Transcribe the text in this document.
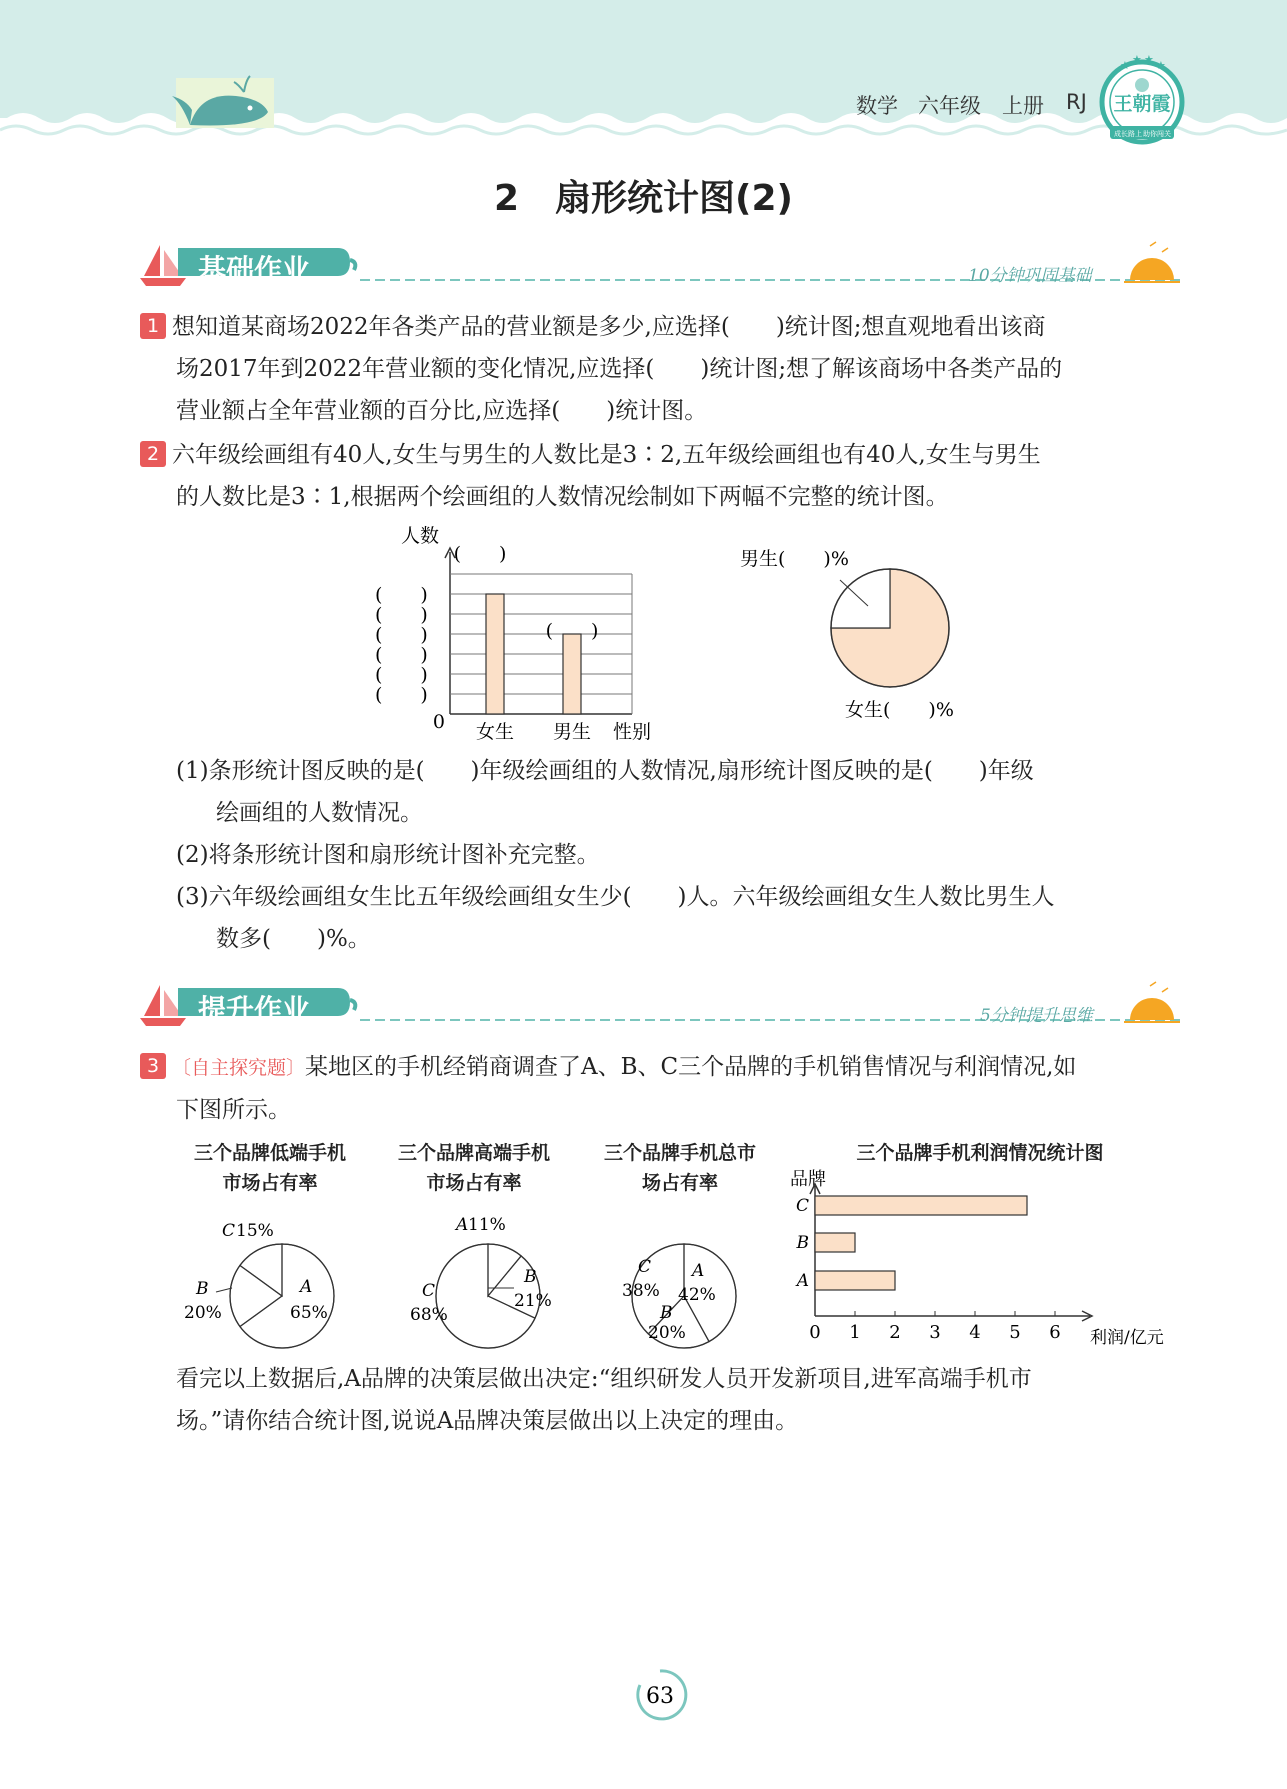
王朝霞
成长路上 助你闯关
★ ★ ★ ★
数学 六年级 上册 RJ
2　扇形统计图(2)
基础作业	10分钟巩固基础
1 想知道某商场2022年各类产品的营业额是多少,应选择(　　)统计图;想直观地看出该商
场2017年到2022年营业额的变化情况,应选择(　　)统计图;想了解该商场中各类产品的
营业额占全年营业额的百分比,应选择(　　)统计图。
2 六年级绘画组有40人,女生与男生的人数比是3∶2,五年级绘画组也有40人,女生与男生
的人数比是3∶1,根据两个绘画组的人数情况绘制如下两幅不完整的统计图。
人数
(　　)
(　　)
(　　)
(　　)
(　　)
(　　)
0 女生 男生 性别
(　　)
(　　)
男生(　　)%
女生(　　)%
(1)条形统计图反映的是(　　)年级绘画组的人数情况,扇形统计图反映的是(　　)年级
绘画组的人数情况。
(2)将条形统计图和扇形统计图补充完整。
(3)六年级绘画组女生比五年级绘画组女生少(　　)人。六年级绘画组女生人数比男生人
数多(　　)%。
提升作业	5分钟提升思维
3 〔自主探究题〕某地区的手机经销商调查了A、B、C三个品牌的手机销售情况与利润情况,如
下图所示。
三个品牌低端手机
市场占有率
三个品牌高端手机
市场占有率
三个品牌手机总市
场占有率
C 15%
B
20%
A
65%
A 11%
C
68%
B
21%
C
38%
A
42%
B
20%
三个品牌手机利润情况统计图
品牌
A
B
C
0 1 2 3 4 5 6 利润/亿元
看完以上数据后,A品牌的决策层做出决定:“组织研发人员开发新项目,进军高端手机市
场。”请你结合统计图,说说A品牌决策层做出以上决定的理由。
63
